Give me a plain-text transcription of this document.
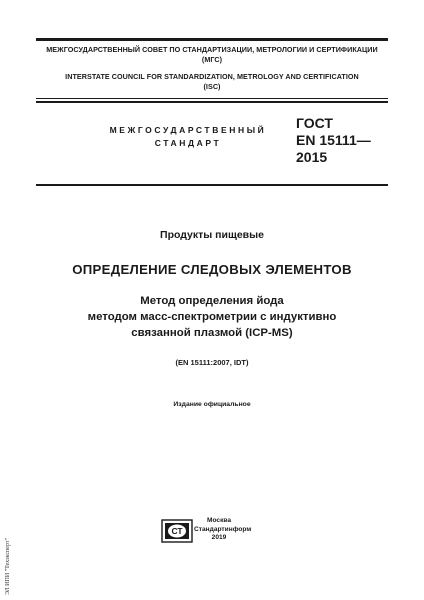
МЕЖГОСУДАРСТВЕННЫЙ СОВЕТ ПО СТАНДАРТИЗАЦИИ, МЕТРОЛОГИИ И СЕРТИФИКАЦИИ
(МГС)
INTERSTATE COUNCIL FOR STANDARDIZATION, METROLOGY AND CERTIFICATION
(ISC)
МЕЖГОСУДАРСТВЕННЫЙ
СТАНДАРТ
ГОСТ
EN 15111—
2015
Продукты пищевые
ОПРЕДЕЛЕНИЕ СЛЕДОВЫХ ЭЛЕМЕНТОВ
Метод определения йода
методом масс-спектрометрии с индуктивно
связанной плазмой (ICP-MS)
(EN 15111:2007, IDT)
Издание официальное
СТ
Москва
Стандартинформ
2019
ЭЛ ИПИ "Техэксперт"
